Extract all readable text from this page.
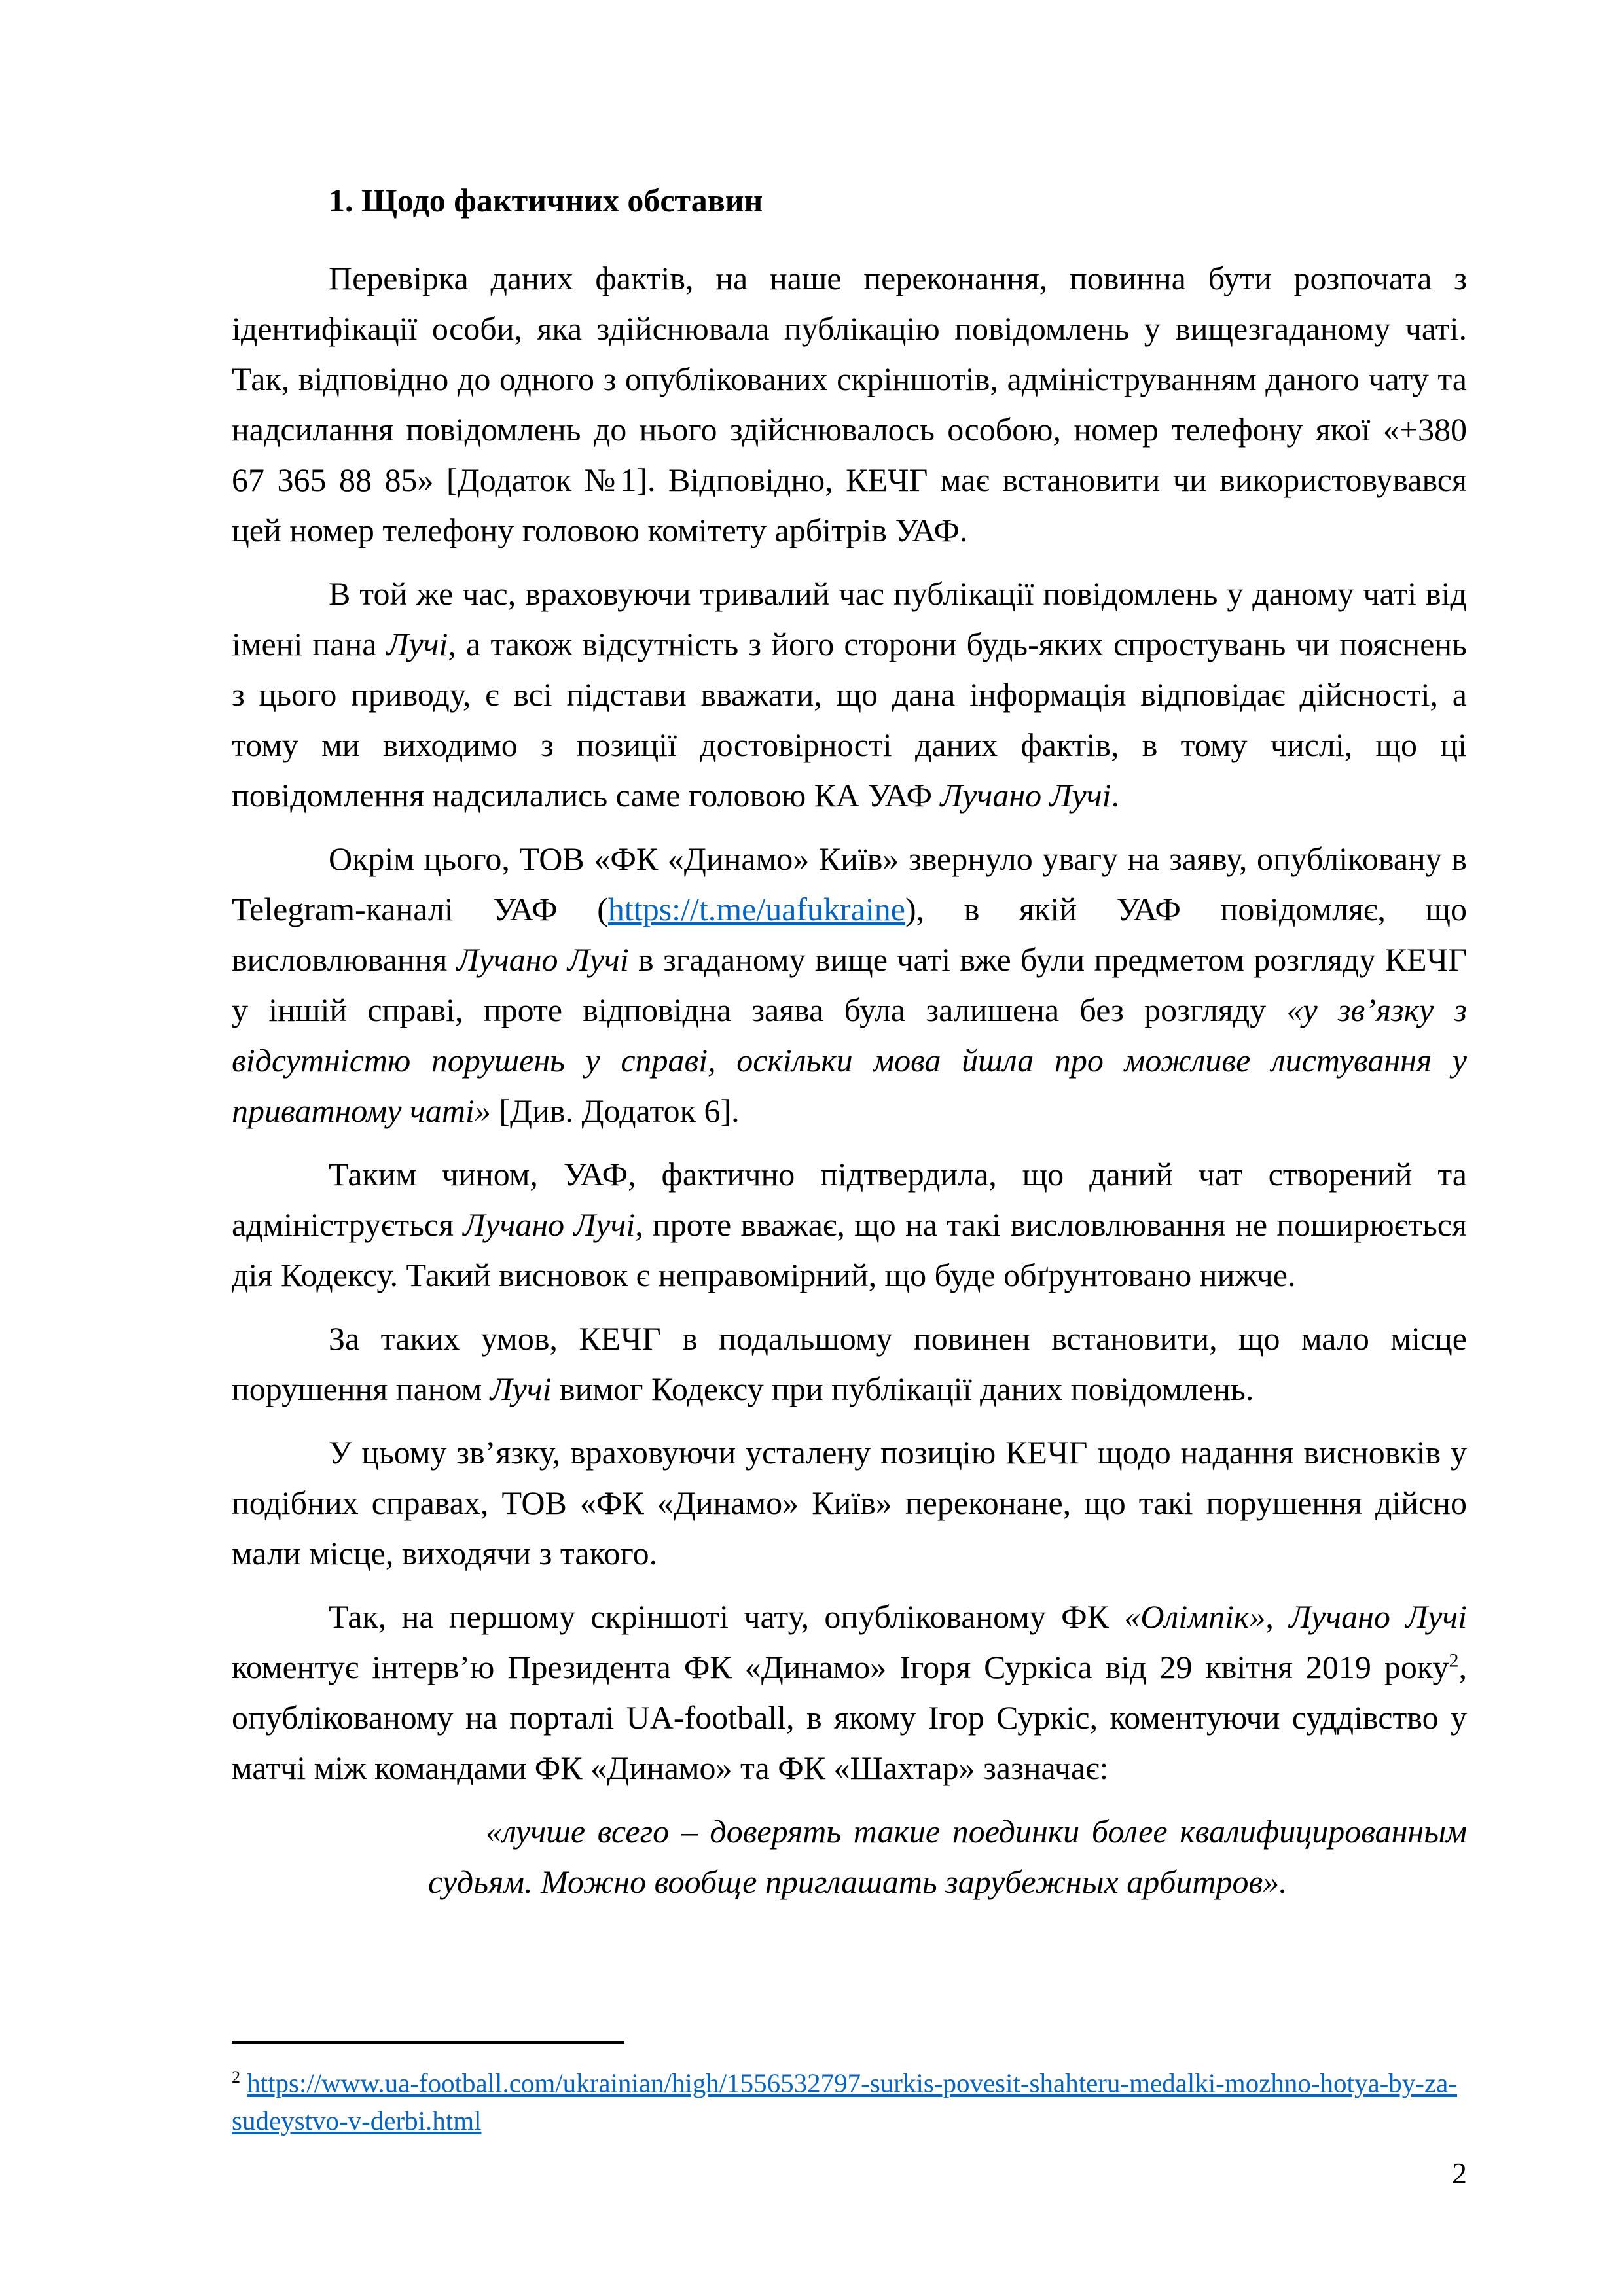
1. Щодо фактичних обставин

Перевірка даних фактів, на наше переконання, повинна бути розпочата з ідентифікації особи, яка здійснювала публікацію повідомлень у вищезгаданому чаті. Так, відповідно до одного з опублікованих скріншотів, адмініструванням даного чату та надсилання повідомлень до нього здійснювалось особою, номер телефону якої «+380 67 365 88 85» [Додаток №1]. Відповідно, КЕЧГ має встановити чи використовувався цей номер телефону головою комітету арбітрів УАФ.

В той же час, враховуючи тривалий час публікації повідомлень у даному чаті від імені пана Лучі, а також відсутність з його сторони будь-яких спростувань чи пояснень з цього приводу, є всі підстави вважати, що дана інформація відповідає дійсності, а тому ми виходимо з позиції достовірності даних фактів, в тому числі, що ці повідомлення надсилались саме головою КА УАФ Лучано Лучі.

Окрім цього, ТОВ «ФК «Динамо» Київ» звернуло увагу на заяву, опубліковану в Telegram-каналі УАФ (https://t.me/uafukraine), в якій УАФ повідомляє, що висловлювання Лучано Лучі в згаданому вище чаті вже були предметом розгляду КЕЧГ у іншій справі, проте відповідна заява була залишена без розгляду «у зв’язку з відсутністю порушень у справі, оскільки мова йшла про можливе листування у приватному чаті» [Див. Додаток 6].

Таким чином, УАФ, фактично підтвердила, що даний чат створений та адмініструється Лучано Лучі, проте вважає, що на такі висловлювання не поширюється дія Кодексу. Такий висновок є неправомірний, що буде обґрунтовано нижче.

За таких умов, КЕЧГ в подальшому повинен встановити, що мало місце порушення паном Лучі вимог Кодексу при публікації даних повідомлень.

У цьому зв’язку, враховуючи усталену позицію КЕЧГ щодо надання висновків у подібних справах, ТОВ «ФК «Динамо» Київ» переконане, що такі порушення дійсно мали місце, виходячи з такого.

Так, на першому скріншоті чату, опублікованому ФК «Олімпік», Лучано Лучі коментує інтерв’ю Президента ФК «Динамо» Ігоря Суркіса від 29 квітня 2019 року$^2$, опублікованому на порталі UA-football, в якому Ігор Суркіс, коментуючи суддівство у матчі між командами ФК «Динамо» та ФК «Шахтар» зазначає:

«лучше всего – доверять такие поединки более квалифицированным судьям. Можно вообще приглашать зарубежных арбитров».

$^2$ https://www.ua-football.com/ukrainian/high/1556532797-surkis-povesit-shahteru-medalki-mozhno-hotya-by-za-sudeystvo-v-derbi.html
2
